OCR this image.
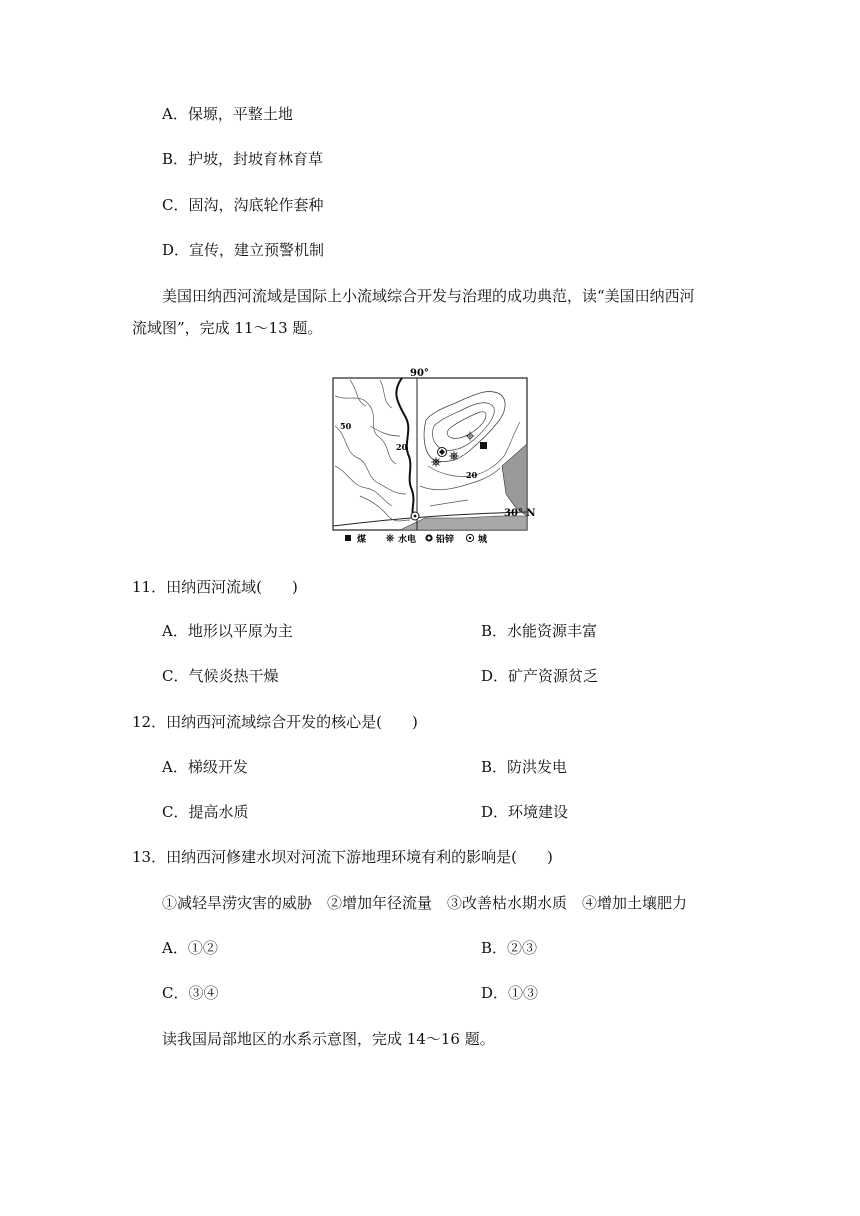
A．保塬，平整土地
B．护坡，封坡育林育草
C．固沟，沟底轮作套种
D．宣传，建立预警机制
美国田纳西河流域是国际上小流域综合开发与治理的成功典范，读“美国田纳西河
流域图”，完成 11～13 题。
90°
50
20
20
30° N
煤	水电 铅锌	城
11．田纳西河流域(　　)
A．地形以平原为主	B．水能资源丰富
C．气候炎热干燥	D．矿产资源贫乏
12．田纳西河流域综合开发的核心是(　　)
A．梯级开发	B．防洪发电
C．提高水质	D．环境建设
13．田纳西河修建水坝对河流下游地理环境有利的影响是(　　)
①减轻旱涝灾害的威胁　②增加年径流量　③改善枯水期水质　④增加土壤肥力
A．①②	B．②③
C．③④	D．①③
读我国局部地区的水系示意图，完成 14～16 题。
